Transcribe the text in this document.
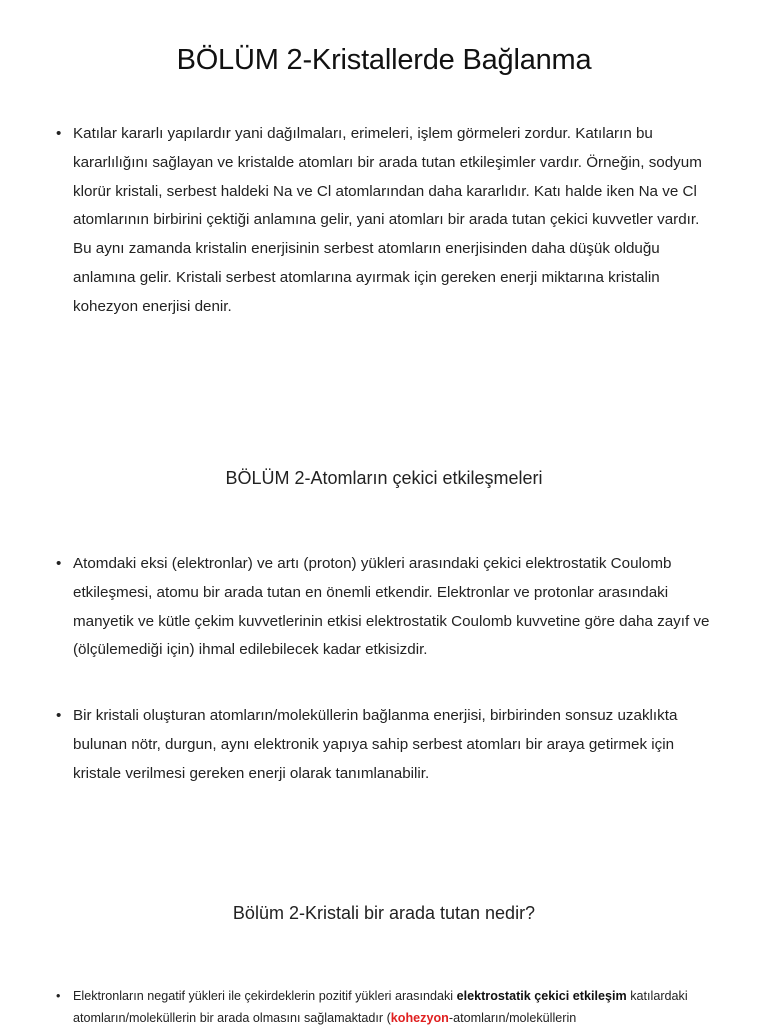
BÖLÜM 2-Kristallerde Bağlanma
• Katılar kararlı yapılardır yani dağılmaları, erimeleri, işlem görmeleri zordur. Katıların bu kararlılığını sağlayan ve kristalde atomları bir arada tutan etkileşimler vardır. Örneğin, sodyum klorür kristali, serbest haldeki Na ve Cl atomlarından daha kararlıdır. Katı halde iken Na ve Cl atomlarının birbirini çektiği anlamına gelir, yani atomları bir arada tutan çekici kuvvetler vardır. Bu aynı zamanda kristalin enerjisinin serbest atomların enerjisinden daha düşük olduğu anlamına gelir. Kristali serbest atomlarına ayırmak için gereken enerji miktarına kristalin kohezyon enerjisi denir.
BÖLÜM 2-Atomların çekici etkileşmeleri
• Atomdaki eksi (elektronlar) ve artı (proton) yükleri arasındaki çekici elektrostatik Coulomb etkileşmesi, atomu bir arada tutan en önemli etkendir. Elektronlar ve protonlar arasındaki manyetik ve kütle çekim kuvvetlerinin etkisi elektrostatik Coulomb kuvvetine göre daha zayıf ve (ölçülemediği için) ihmal edilebilecek kadar etkisizdir.
• Bir kristali oluşturan atomların/moleküllerin bağlanma enerjisi, birbirinden sonsuz uzaklıkta bulunan nötr, durgun, aynı elektronik yapıya sahip serbest atomları bir araya getirmek için kristale verilmesi gereken enerji olarak tanımlanabilir.
Bölüm 2-Kristali bir arada tutan nedir?
• Elektronların negatif yükleri ile çekirdeklerin pozitif yükleri arasındaki elektrostatik çekici etkileşim katılardaki atomların/moleküllerin bir arada olmasını sağlamaktadır (kohezyon-atomların/moleküllerin
